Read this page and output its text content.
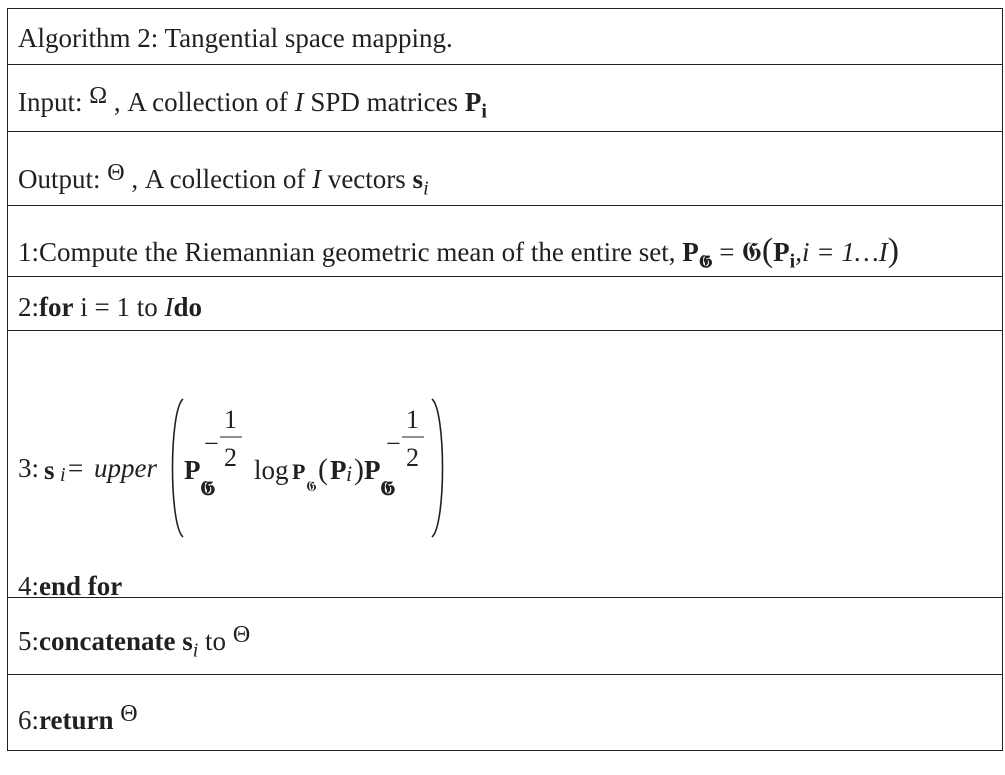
Algorithm 2: Tangential space mapping.
Input: Ω , A collection of I SPD matrices $P_i$
Output: Θ , A collection of I vectors $s_i$
1:Compute the Riemannian geometric mean of the entire set, $P_𝕲$ = $𝕲(P_i,i$ = 1…I)
2:for i = 1 to Ido
3: s i = upper P
𝕲
−
1
2 log P
𝕲
( P i ) P
𝕲
−
1
2
4:end for
5:concatenate $s_i$ to Θ
6:return Θ
